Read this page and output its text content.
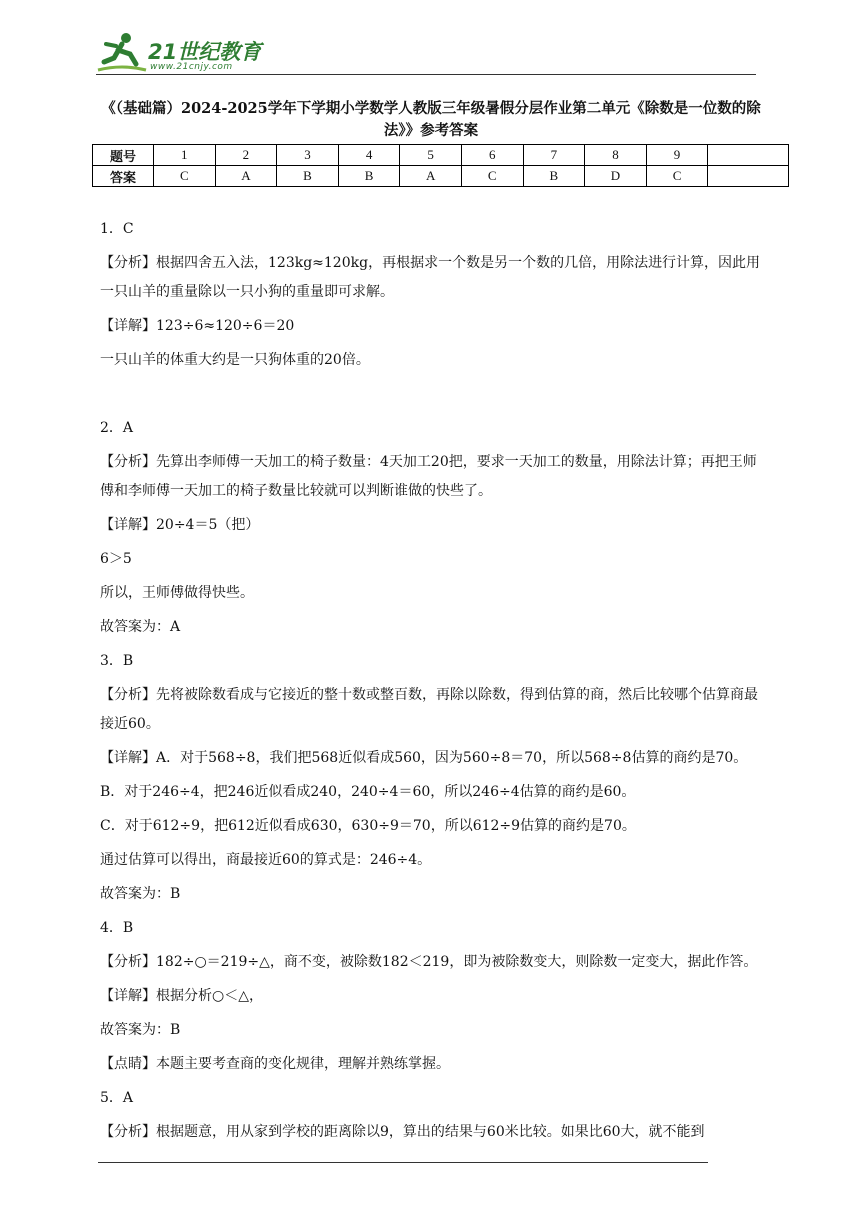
21世纪教育
www.21cnjy.com
《（基础篇）2024-2025学年下学期小学数学人教版三年级暑假分层作业第二单元《除数是一位数的除法》》参考答案
题号	1	2	3	4	5	6	7	8	9	
答案	C	A	B	B	A	C	B	D	C	

1．C

【分析】根据四舍五入法，123kg≈120kg，再根据求一个数是另一个数的几倍，用除法进行计算，因此用一只山羊的重量除以一只小狗的重量即可求解。

【详解】123÷6≈120÷6＝20

一只山羊的体重大约是一只狗体重的20倍。

2．A

【分析】先算出李师傅一天加工的椅子数量：4天加工20把，要求一天加工的数量，用除法计算；再把王师傅和李师傅一天加工的椅子数量比较就可以判断谁做的快些了。

【详解】20÷4＝5（把）

6＞5

所以，王师傅做得快些。

故答案为：A

3．B

【分析】先将被除数看成与它接近的整十数或整百数，再除以除数，得到估算的商，然后比较哪个估算商最接近60。

【详解】A．对于568÷8，我们把568近似看成560，因为560÷8＝70，所以568÷8估算的商约是70。

B．对于246÷4，把246近似看成240，240÷4＝60，所以246÷4估算的商约是60。

C．对于612÷9，把612近似看成630，630÷9＝70，所以612÷9估算的商约是70。

通过估算可以得出，商最接近60的算式是：246÷4。

故答案为：B

4．B

【分析】182÷○＝219÷△，商不变，被除数182＜219，即为被除数变大，则除数一定变大，据此作答。

【详解】根据分析○＜△，

故答案为：B

【点睛】本题主要考查商的变化规律，理解并熟练掌握。

5．A

【分析】根据题意，用从家到学校的距离除以9，算出的结果与60米比较。如果比60大，就不能到
